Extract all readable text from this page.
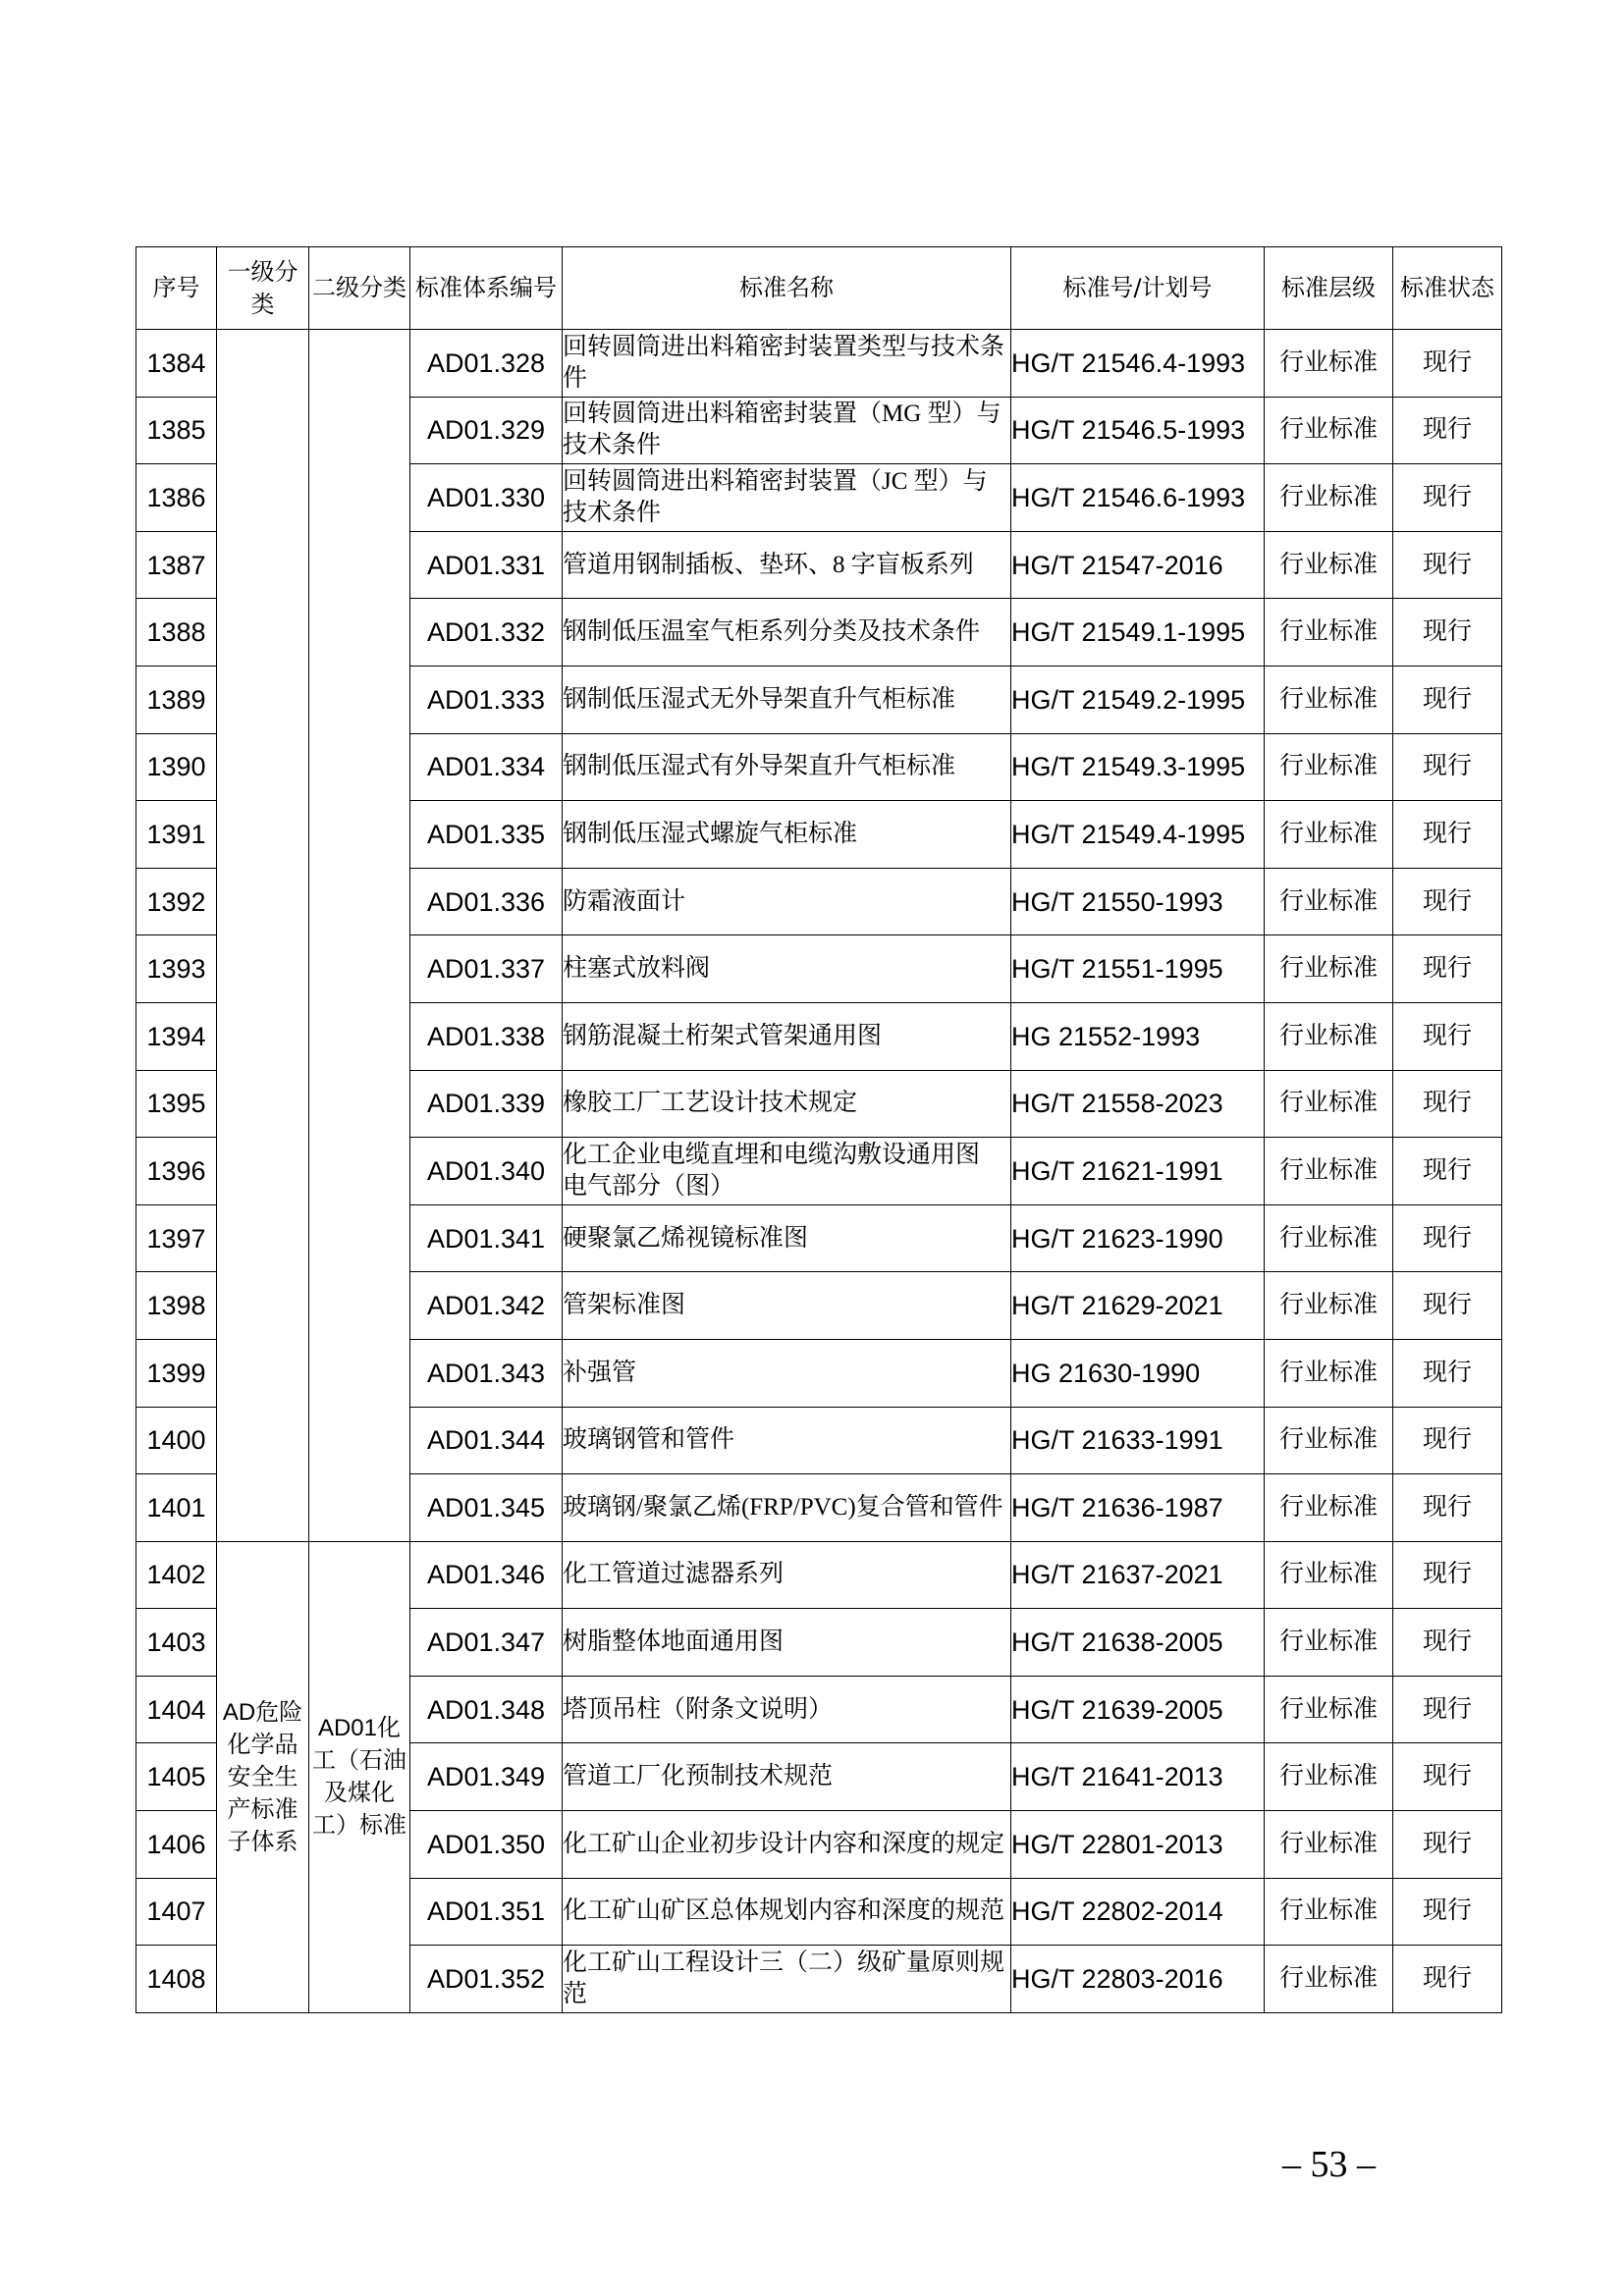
序号	一级分类	二级分类	标准体系编号	标准名称	标准号/计划号	标准层级	标准状态
1384			AD01.328	回转圆筒进出料箱密封装置类型与技术条件	HG/T 21546.4-1993	行业标准	现行
1385			AD01.329	回转圆筒进出料箱密封装置（MG 型）与技术条件	HG/T 21546.5-1993	行业标准	现行
1386			AD01.330	回转圆筒进出料箱密封装置（JC 型）与技术条件	HG/T 21546.6-1993	行业标准	现行
1387			AD01.331	管道用钢制插板、垫环、8 字盲板系列	HG/T 21547-2016	行业标准	现行
1388			AD01.332	钢制低压温室气柜系列分类及技术条件	HG/T 21549.1-1995	行业标准	现行
1389			AD01.333	钢制低压湿式无外导架直升气柜标准	HG/T 21549.2-1995	行业标准	现行
1390			AD01.334	钢制低压湿式有外导架直升气柜标准	HG/T 21549.3-1995	行业标准	现行
1391			AD01.335	钢制低压湿式螺旋气柜标准	HG/T 21549.4-1995	行业标准	现行
1392			AD01.336	防霜液面计	HG/T 21550-1993	行业标准	现行
1393			AD01.337	柱塞式放料阀	HG/T 21551-1995	行业标准	现行
1394			AD01.338	钢筋混凝土桁架式管架通用图	HG 21552-1993	行业标准	现行
1395			AD01.339	橡胶工厂工艺设计技术规定	HG/T 21558-2023	行业标准	现行
1396			AD01.340	化工企业电缆直埋和电缆沟敷设通用图 电气部分（图）	HG/T 21621-1991	行业标准	现行
1397			AD01.341	硬聚氯乙烯视镜标准图	HG/T 21623-1990	行业标准	现行
1398			AD01.342	管架标准图	HG/T 21629-2021	行业标准	现行
1399			AD01.343	补强管	HG 21630-1990	行业标准	现行
1400			AD01.344	玻璃钢管和管件	HG/T 21633-1991	行业标准	现行
1401			AD01.345	玻璃钢/聚氯乙烯(FRP/PVC)复合管和管件	HG/T 21636-1987	行业标准	现行
1402	AD危险化学品安全生产标准子体系	AD01化工（石油及煤化工）标准	AD01.346	化工管道过滤器系列	HG/T 21637-2021	行业标准	现行
1403			AD01.347	树脂整体地面通用图	HG/T 21638-2005	行业标准	现行
1404			AD01.348	塔顶吊柱（附条文说明）	HG/T 21639-2005	行业标准	现行
1405			AD01.349	管道工厂化预制技术规范	HG/T 21641-2013	行业标准	现行
1406			AD01.350	化工矿山企业初步设计内容和深度的规定	HG/T 22801-2013	行业标准	现行
1407			AD01.351	化工矿山矿区总体规划内容和深度的规范	HG/T 22802-2014	行业标准	现行
1408			AD01.352	化工矿山工程设计三（二）级矿量原则规范	HG/T 22803-2016	行业标准	现行
– 53 –
